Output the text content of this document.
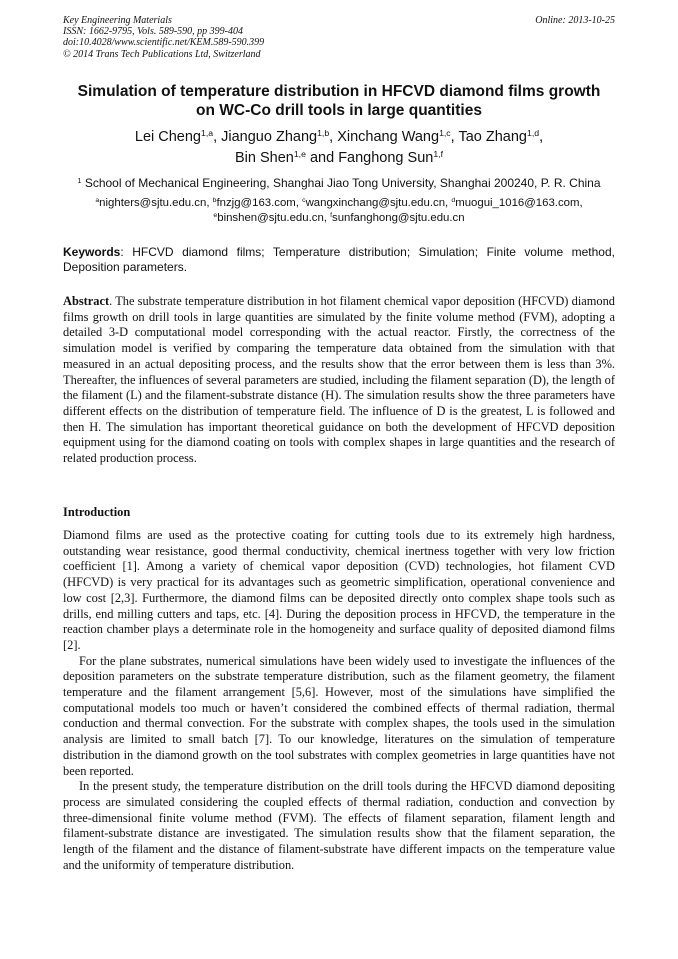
Key Engineering Materials
ISSN: 1662-9795, Vols. 589-590, pp 399-404
doi:10.4028/www.scientific.net/KEM.589-590.399
© 2014 Trans Tech Publications Ltd, Switzerland
Online: 2013-10-25
Simulation of temperature distribution in HFCVD diamond films growth
on WC-Co drill tools in large quantities
Lei Cheng$^{1,a}$, Jianguo Zhang$^{1,b}$, Xinchang Wang$^{1,c}$, Tao Zhang$^{1,d}$,
Bin Shen$^{1,e}$ and Fanghong Sun$^{1,f}$
$^1$ School of Mechanical Engineering, Shanghai Jiao Tong University, Shanghai 200240, P. R. China
$^a$nighters@sjtu.edu.cn, $^b$fnzjg@163.com, $^c$wangxinchang@sjtu.edu.cn, $^d$muogui_1016@163.com,
$^e$binshen@sjtu.edu.cn, $^f$sunfanghong@sjtu.edu.cn
Keywords: HFCVD diamond films; Temperature distribution; Simulation; Finite volume method, Deposition parameters.
Abstract. The substrate temperature distribution in hot filament chemical vapor deposition (HFCVD) diamond films growth on drill tools in large quantities are simulated by the finite volume method (FVM), adopting a detailed 3-D computational model corresponding with the actual reactor. Firstly, the correctness of the simulation model is verified by comparing the temperature data obtained from the simulation with that measured in an actual depositing process, and the results show that the error between them is less than 3%. Thereafter, the influences of several parameters are studied, including the filament separation (D), the length of the filament (L) and the filament-substrate distance (H). The simulation results show the three parameters have different effects on the distribution of temperature field. The influence of D is the greatest, L is followed and then H. The simulation has important theoretical guidance on both the development of HFCVD deposition equipment using for the diamond coating on tools with complex shapes in large quantities and the research of related production process.
Introduction

Diamond films are used as the protective coating for cutting tools due to its extremely high hardness, outstanding wear resistance, good thermal conductivity, chemical inertness together with very low friction coefficient [1]. Among a variety of chemical vapor deposition (CVD) technologies, hot filament CVD (HFCVD) is very practical for its advantages such as geometric simplification, operational convenience and low cost [2,3]. Furthermore, the diamond films can be deposited directly onto complex shape tools such as drills, end milling cutters and taps, etc. [4]. During the deposition process in HFCVD, the temperature in the reaction chamber plays a determinate role in the homogeneity and surface quality of deposited diamond films [2].

For the plane substrates, numerical simulations have been widely used to investigate the influences of the deposition parameters on the substrate temperature distribution, such as the filament geometry, the filament temperature and the filament arrangement [5,6]. However, most of the simulations have simplified the computational models too much or haven’t considered the combined effects of thermal radiation, thermal conduction and thermal convection. For the substrate with complex shapes, the tools used in the simulation analysis are limited to small batch [7]. To our knowledge, literatures on the simulation of temperature distribution in the diamond growth on the tool substrates with complex geometries in large quantities have not been reported.

In the present study, the temperature distribution on the drill tools during the HFCVD diamond depositing process are simulated considering the coupled effects of thermal radiation, conduction and convection by three-dimensional finite volume method (FVM). The effects of filament separation, filament length and filament-substrate distance are investigated. The simulation results show that the filament separation, the length of the filament and the distance of filament-substrate have different impacts on the temperature value and the uniformity of temperature distribution.
